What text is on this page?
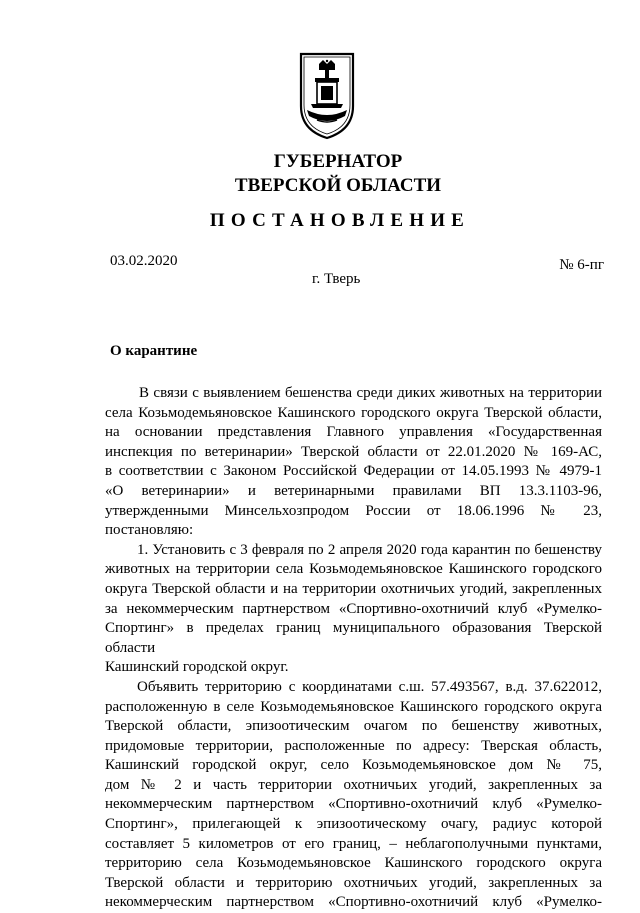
ГУБЕРНАТОР
ТВЕРСКОЙ ОБЛАСТИ
ПОСТАНОВЛЕНИЕ
03.02.2020	№ 6-пг
г. Тверь
О карантине

В связи с выявлением бешенства среди диких животных на территории

села Козьмодемьяновское Кашинского городского округа Тверской области,

на основании представления Главного управления «Государственная

инспекция по ветеринарии» Тверской области от 22.01.2020 № 169-АС,

в соответствии с Законом Российской Федерации от 14.05.1993 № 4979-1

«О ветеринарии» и ветеринарными правилами ВП 13.3.1103-96,

утвержденными Минсельхозпродом России от 18.06.1996 № 23, постановляю:

1. Установить с 3 февраля по 2 апреля 2020 года карантин по бешенству

животных на территории села Козьмодемьяновское Кашинского городского

округа Тверской области и на территории охотничьих угодий, закрепленных

за некоммерческим партнерством «Спортивно-охотничий клуб «Румелко-

Спортинг» в пределах границ муниципального образования Тверской области

Кашинский городской округ.

Объявить территорию с координатами с.ш. 57.493567, в.д. 37.622012,

расположенную в селе Козьмодемьяновское Кашинского городского округа

Тверской области, эпизоотическим очагом по бешенству животных,

придомовые территории, расположенные по адресу: Тверская область,

Кашинский городской округ, село Козьмодемьяновское дом № 75,

дом № 2 и часть территории охотничьих угодий, закрепленных за

некоммерческим партнерством «Спортивно-охотничий клуб «Румелко-

Спортинг», прилегающей к эпизоотическому очагу, радиус которой

составляет 5 километров от его границ, – неблагополучными пунктами,

территорию села Козьмодемьяновское Кашинского городского округа

Тверской области и территорию охотничьих угодий, закрепленных за

некоммерческим партнерством «Спортивно-охотничий клуб «Румелко-
